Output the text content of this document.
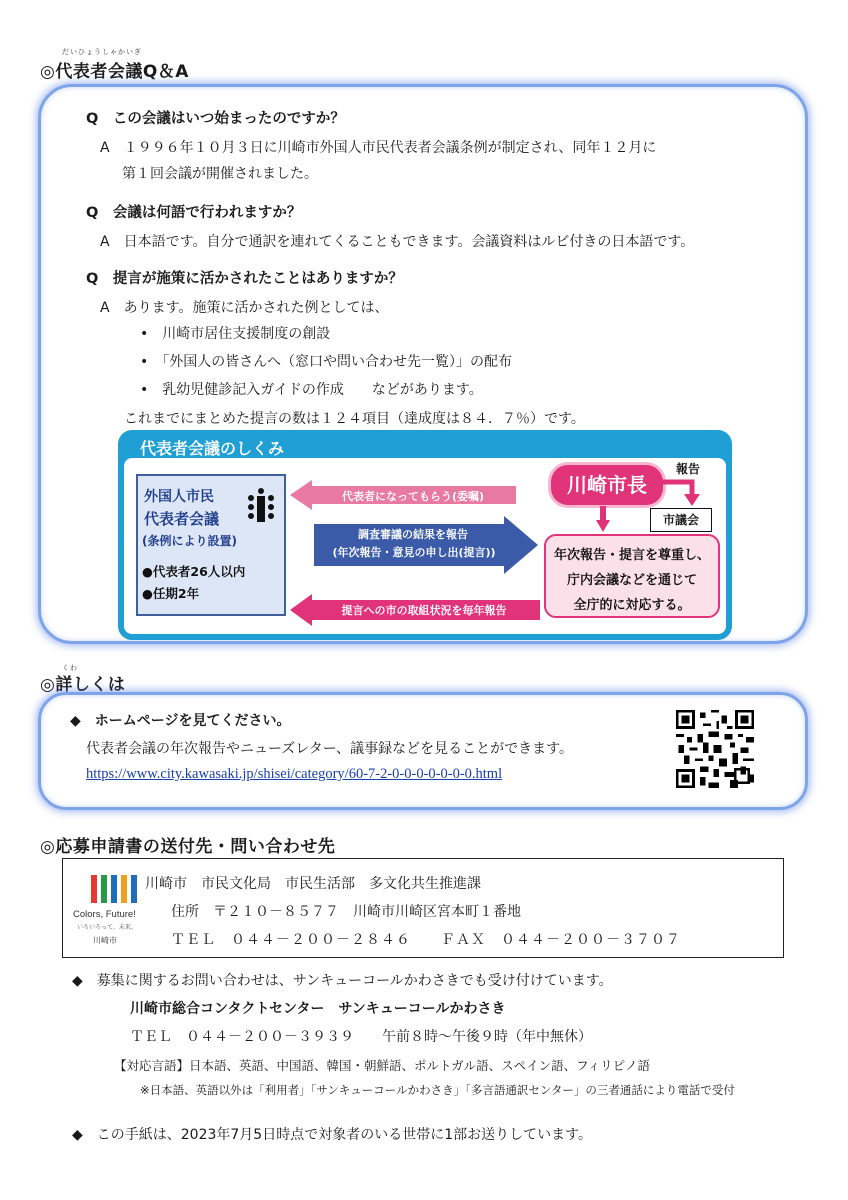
だいひょうしゃかいぎ
◎代表者会議Q＆A
Q　この会議はいつ始まったのですか？
A　１９９６年１０月３日に川崎市外国人市民代表者会議条例が制定され、同年１２月に
第１回会議が開催されました。
Q　会議は何語で行われますか？
A　日本語です。自分で通訳を連れてくることもできます。会議資料はルビ付きの日本語です。
Q　提言が施策に活かされたことはありますか？
A　あります。施策に活かされた例としては、
•　川崎市居住支援制度の創設
•　「外国人の皆さんへ（窓口や問い合わせ先一覧）」の配布
•　乳幼児健診記入ガイドの作成　　などがあります。
これまでにまとめた提言の数は１２４項目（達成度は８４．７％）です。
代表者会議のしくみ
外国人市民
代表者会議
(条例により設置)
●代表者26人以内
●任期2年
代表者になってもらう(委嘱)
調査審議の結果を報告
(年次報告・意見の申し出(提言))
提言への市の取組状況を毎年報告
川崎市長
報告
市議会
年次報告・提言を尊重し、
庁内会議などを通じて
全庁的に対応する。
くわ
◎詳しくは
◆　ホームページを見てください。
代表者会議の年次報告やニューズレター、議事録などを見ることができます。
https://www.city.kawasaki.jp/shisei/category/60-7-2-0-0-0-0-0-0-0.html
◎応募申請書の送付先・問い合わせ先
Colors, Future!
いろいろって、未来。
川崎市
川崎市　市民文化局　市民生活部　多文化共生推進課
住所　〒２１０－８５７７　川崎市川崎区宮本町１番地
ＴＥＬ　０４４－２００－２８４６　　ＦＡＸ　０４４－２００－３７０７
◆　募集に関するお問い合わせは、サンキューコールかわさきでも受け付けています。
川崎市総合コンタクトセンター　サンキューコールかわさき
ＴＥＬ　０４４－２００－３９３９　　午前８時～午後９時（年中無休）
【対応言語】日本語、英語、中国語、韓国・朝鮮語、ポルトガル語、スペイン語、フィリピノ語
※日本語、英語以外は「利用者」「サンキューコールかわさき」「多言語通訳センター」の三者通話により電話で受付
◆　この手紙は、2023年7月5日時点で対象者のいる世帯に1部お送りしています。
